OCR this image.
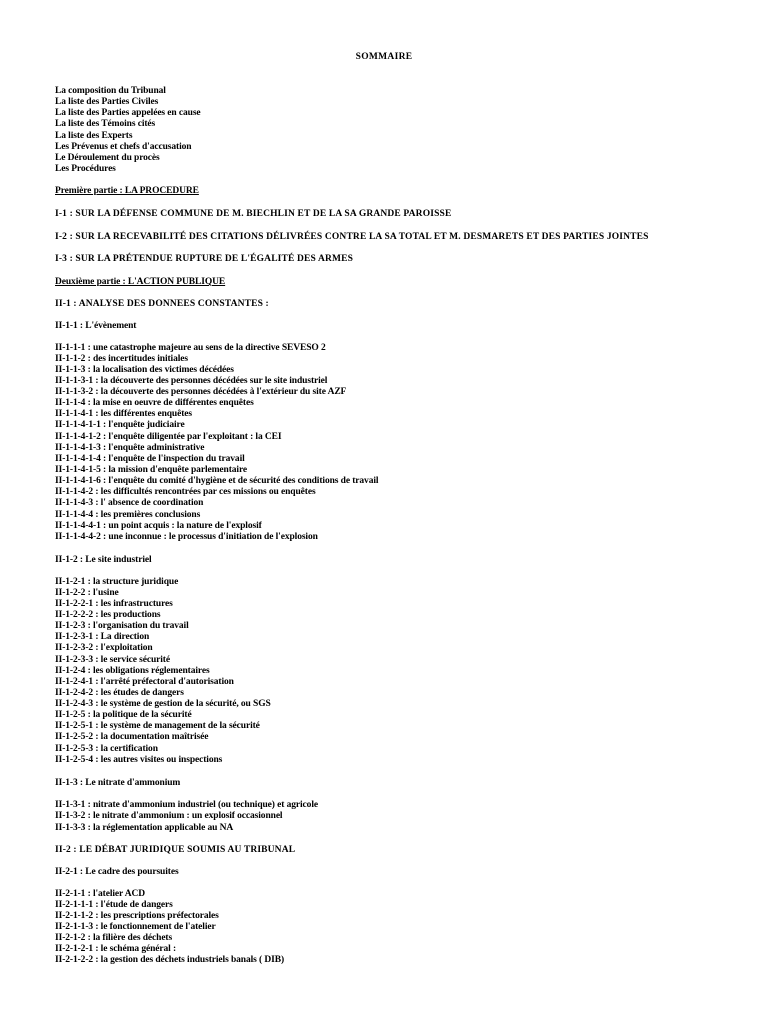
SOMMAIRE
La composition du Tribunal
La liste des Parties Civiles
La liste des Parties appelées en cause
La liste des Témoins cités
La liste des Experts
Les Prévenus et chefs d'accusation
Le Déroulement du procès
Les Procédures
Première partie : LA PROCEDURE
I-1 : SUR LA DÉFENSE COMMUNE DE M. BIECHLIN ET DE LA SA GRANDE PAROISSE
I-2 : SUR LA RECEVABILITÉ DES CITATIONS DÉLIVRÉES CONTRE LA SA TOTAL ET M. DESMARETS ET DES PARTIES JOINTES
I-3 : SUR LA PRÉTENDUE RUPTURE DE L'ÉGALITÉ DES ARMES
Deuxième partie : L'ACTION PUBLIQUE
II-1 : ANALYSE DES DONNEES CONSTANTES :
II-1-1 : L'évènement
II-1-1-1 : une catastrophe majeure au sens de la directive SEVESO 2
II-1-1-2 : des incertitudes initiales
II-1-1-3 : la localisation des victimes décédées
II-1-1-3-1 : la découverte des personnes décédées sur le site industriel
II-1-1-3-2 : la découverte des personnes décédées à l'extérieur du site AZF
II-1-1-4 : la mise en oeuvre de différentes enquêtes
II-1-1-4-1 : les différentes enquêtes
II-1-1-4-1-1 : l'enquête judiciaire
II-1-1-4-1-2 : l'enquête diligentée par l'exploitant : la CEI
II-1-1-4-1-3 : l'enquête administrative
II-1-1-4-1-4 : l'enquête de l'inspection du travail
II-1-1-4-1-5 : la mission d'enquête parlementaire
II-1-1-4-1-6 : l'enquête du comité d'hygiène et de sécurité des conditions de travail
II-1-1-4-2 : les difficultés rencontrées par ces missions ou enquêtes
II-1-1-4-3 : l' absence de coordination
II-1-1-4-4 : les premières conclusions
II-1-1-4-4-1 : un point acquis : la nature de l'explosif
II-1-1-4-4-2 : une inconnue : le processus d'initiation de l'explosion
II-1-2 : Le site industriel
II-1-2-1 : la structure juridique
II-1-2-2 : l'usine
II-1-2-2-1 : les infrastructures
II-1-2-2-2 : les productions
II-1-2-3 : l'organisation du travail
II-1-2-3-1 : La direction
II-1-2-3-2 : l'exploitation
II-1-2-3-3 : le service sécurité
II-1-2-4 : les obligations réglementaires
II-1-2-4-1 : l'arrêté préfectoral d'autorisation
II-1-2-4-2 : les études de dangers
II-1-2-4-3 : le système de gestion de la sécurité, ou SGS
II-1-2-5 : la politique de la sécurité
II-1-2-5-1 : le système de management de la sécurité
II-1-2-5-2 : la documentation maîtrisée
II-1-2-5-3 : la certification
II-1-2-5-4 : les autres visites ou inspections
II-1-3 : Le nitrate d'ammonium
II-1-3-1 : nitrate d'ammonium industriel (ou technique) et agricole
II-1-3-2 : le nitrate d'ammonium : un explosif occasionnel
II-1-3-3 : la réglementation applicable au NA
II-2 : LE DÉBAT JURIDIQUE SOUMIS AU TRIBUNAL
II-2-1 : Le cadre des poursuites
II-2-1-1 : l'atelier ACD
II-2-1-1-1 : l'étude de dangers
II-2-1-1-2 : les prescriptions préfectorales
II-2-1-1-3 : le fonctionnement de l'atelier
II-2-1-2 : la filière des déchets
II-2-1-2-1 : le schéma général :
II-2-1-2-2 : la gestion des déchets industriels banals ( DIB)
